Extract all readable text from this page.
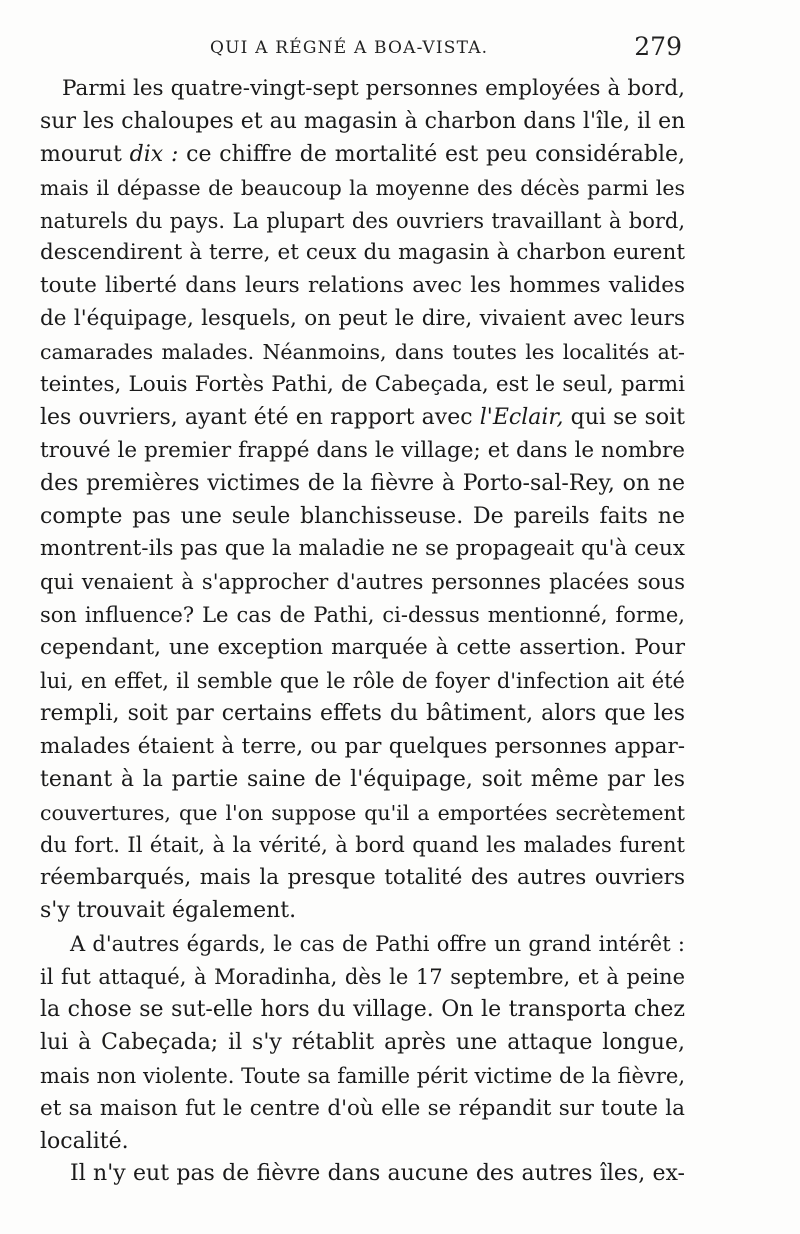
QUI A RÉGNÉ A BOA-VISTA.	279
Parmi les quatre-vingt-sept personnes employées à bord,
sur les chaloupes et au magasin à charbon dans l'île, il en
mourut dix : ce chiffre de mortalité est peu considérable,
mais il dépasse de beaucoup la moyenne des décès parmi les
naturels du pays. La plupart des ouvriers travaillant à bord,
descendirent à terre, et ceux du magasin à charbon eurent
toute liberté dans leurs relations avec les hommes valides
de l'équipage, lesquels, on peut le dire, vivaient avec leurs
camarades malades. Néanmoins, dans toutes les localités at-
teintes, Louis Fortès Pathi, de Cabeçada, est le seul, parmi
les ouvriers, ayant été en rapport avec l'Eclair, qui se soit
trouvé le premier frappé dans le village; et dans le nombre
des premières victimes de la fièvre à Porto-sal-Rey, on ne
compte pas une seule blanchisseuse. De pareils faits ne
montrent-ils pas que la maladie ne se propageait qu'à ceux
qui venaient à s'approcher d'autres personnes placées sous
son influence? Le cas de Pathi, ci-dessus mentionné, forme,
cependant, une exception marquée à cette assertion. Pour
lui, en effet, il semble que le rôle de foyer d'infection ait été
rempli, soit par certains effets du bâtiment, alors que les
malades étaient à terre, ou par quelques personnes appar-
tenant à la partie saine de l'équipage, soit même par les
couvertures, que l'on suppose qu'il a emportées secrètement
du fort. Il était, à la vérité, à bord quand les malades furent
réembarqués, mais la presque totalité des autres ouvriers
s'y trouvait également.
A d'autres égards, le cas de Pathi offre un grand intérêt :
il fut attaqué, à Moradinha, dès le 17 septembre, et à peine
la chose se sut-elle hors du village. On le transporta chez
lui à Cabeçada; il s'y rétablit après une attaque longue,
mais non violente. Toute sa famille périt victime de la fièvre,
et sa maison fut le centre d'où elle se répandit sur toute la
localité.
Il n'y eut pas de fièvre dans aucune des autres îles, ex-
